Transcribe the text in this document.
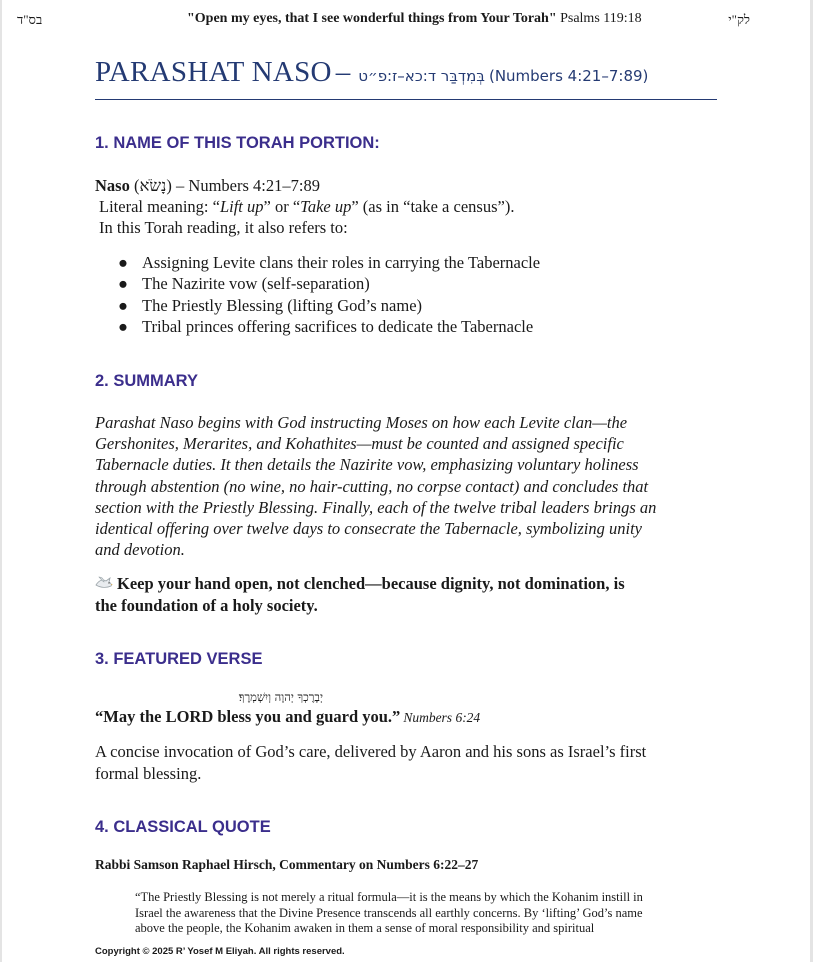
בס"ד	"Open my eyes, that I see wonderful things from Your Torah" Psalms 119:18	לק"י
PARASHAT NASO – בְּמִדְבַּר ד:כא–ז:פ״ט (Numbers 4:21–7:89)
1. NAME OF THIS TORAH PORTION:
Naso (נָשֹׂא) – Numbers 4:21–7:89
Literal meaning: “Lift up” or “Take up” (as in “take a census”).
In this Torah reading, it also refers to:
● Assigning Levite clans their roles in carrying the Tabernacle
● The Nazirite vow (self-separation)
● The Priestly Blessing (lifting God’s name)
● Tribal princes offering sacrifices to dedicate the Tabernacle
2. SUMMARY
Parashat Naso begins with God instructing Moses on how each Levite clan—the
Gershonites, Merarites, and Kohathites—must be counted and assigned specific
Tabernacle duties. It then details the Nazirite vow, emphasizing voluntary holiness
through abstention (no wine, no hair-cutting, no corpse contact) and concludes that
section with the Priestly Blessing. Finally, each of the twelve tribal leaders brings an
identical offering over twelve days to consecrate the Tabernacle, symbolizing unity
and devotion.
Keep your hand open, not clenched—because dignity, not domination, is
the foundation of a holy society.
3. FEATURED VERSE
יְבָרֶכְךָ יְהוָה וְיִשְׁמְרֶךָ׃
“May the LORD bless you and guard you.” Numbers 6:24
A concise invocation of God’s care, delivered by Aaron and his sons as Israel’s first
formal blessing.
4. CLASSICAL QUOTE
Rabbi Samson Raphael Hirsch, Commentary on Numbers 6:22–27
“The Priestly Blessing is not merely a ritual formula—it is the means by which the Kohanim instill in
Israel the awareness that the Divine Presence transcends all earthly concerns. By ‘lifting’ God’s name
above the people, the Kohanim awaken in them a sense of moral responsibility and spiritual
Copyright © 2025 R’ Yosef M Eliyah. All rights reserved.
